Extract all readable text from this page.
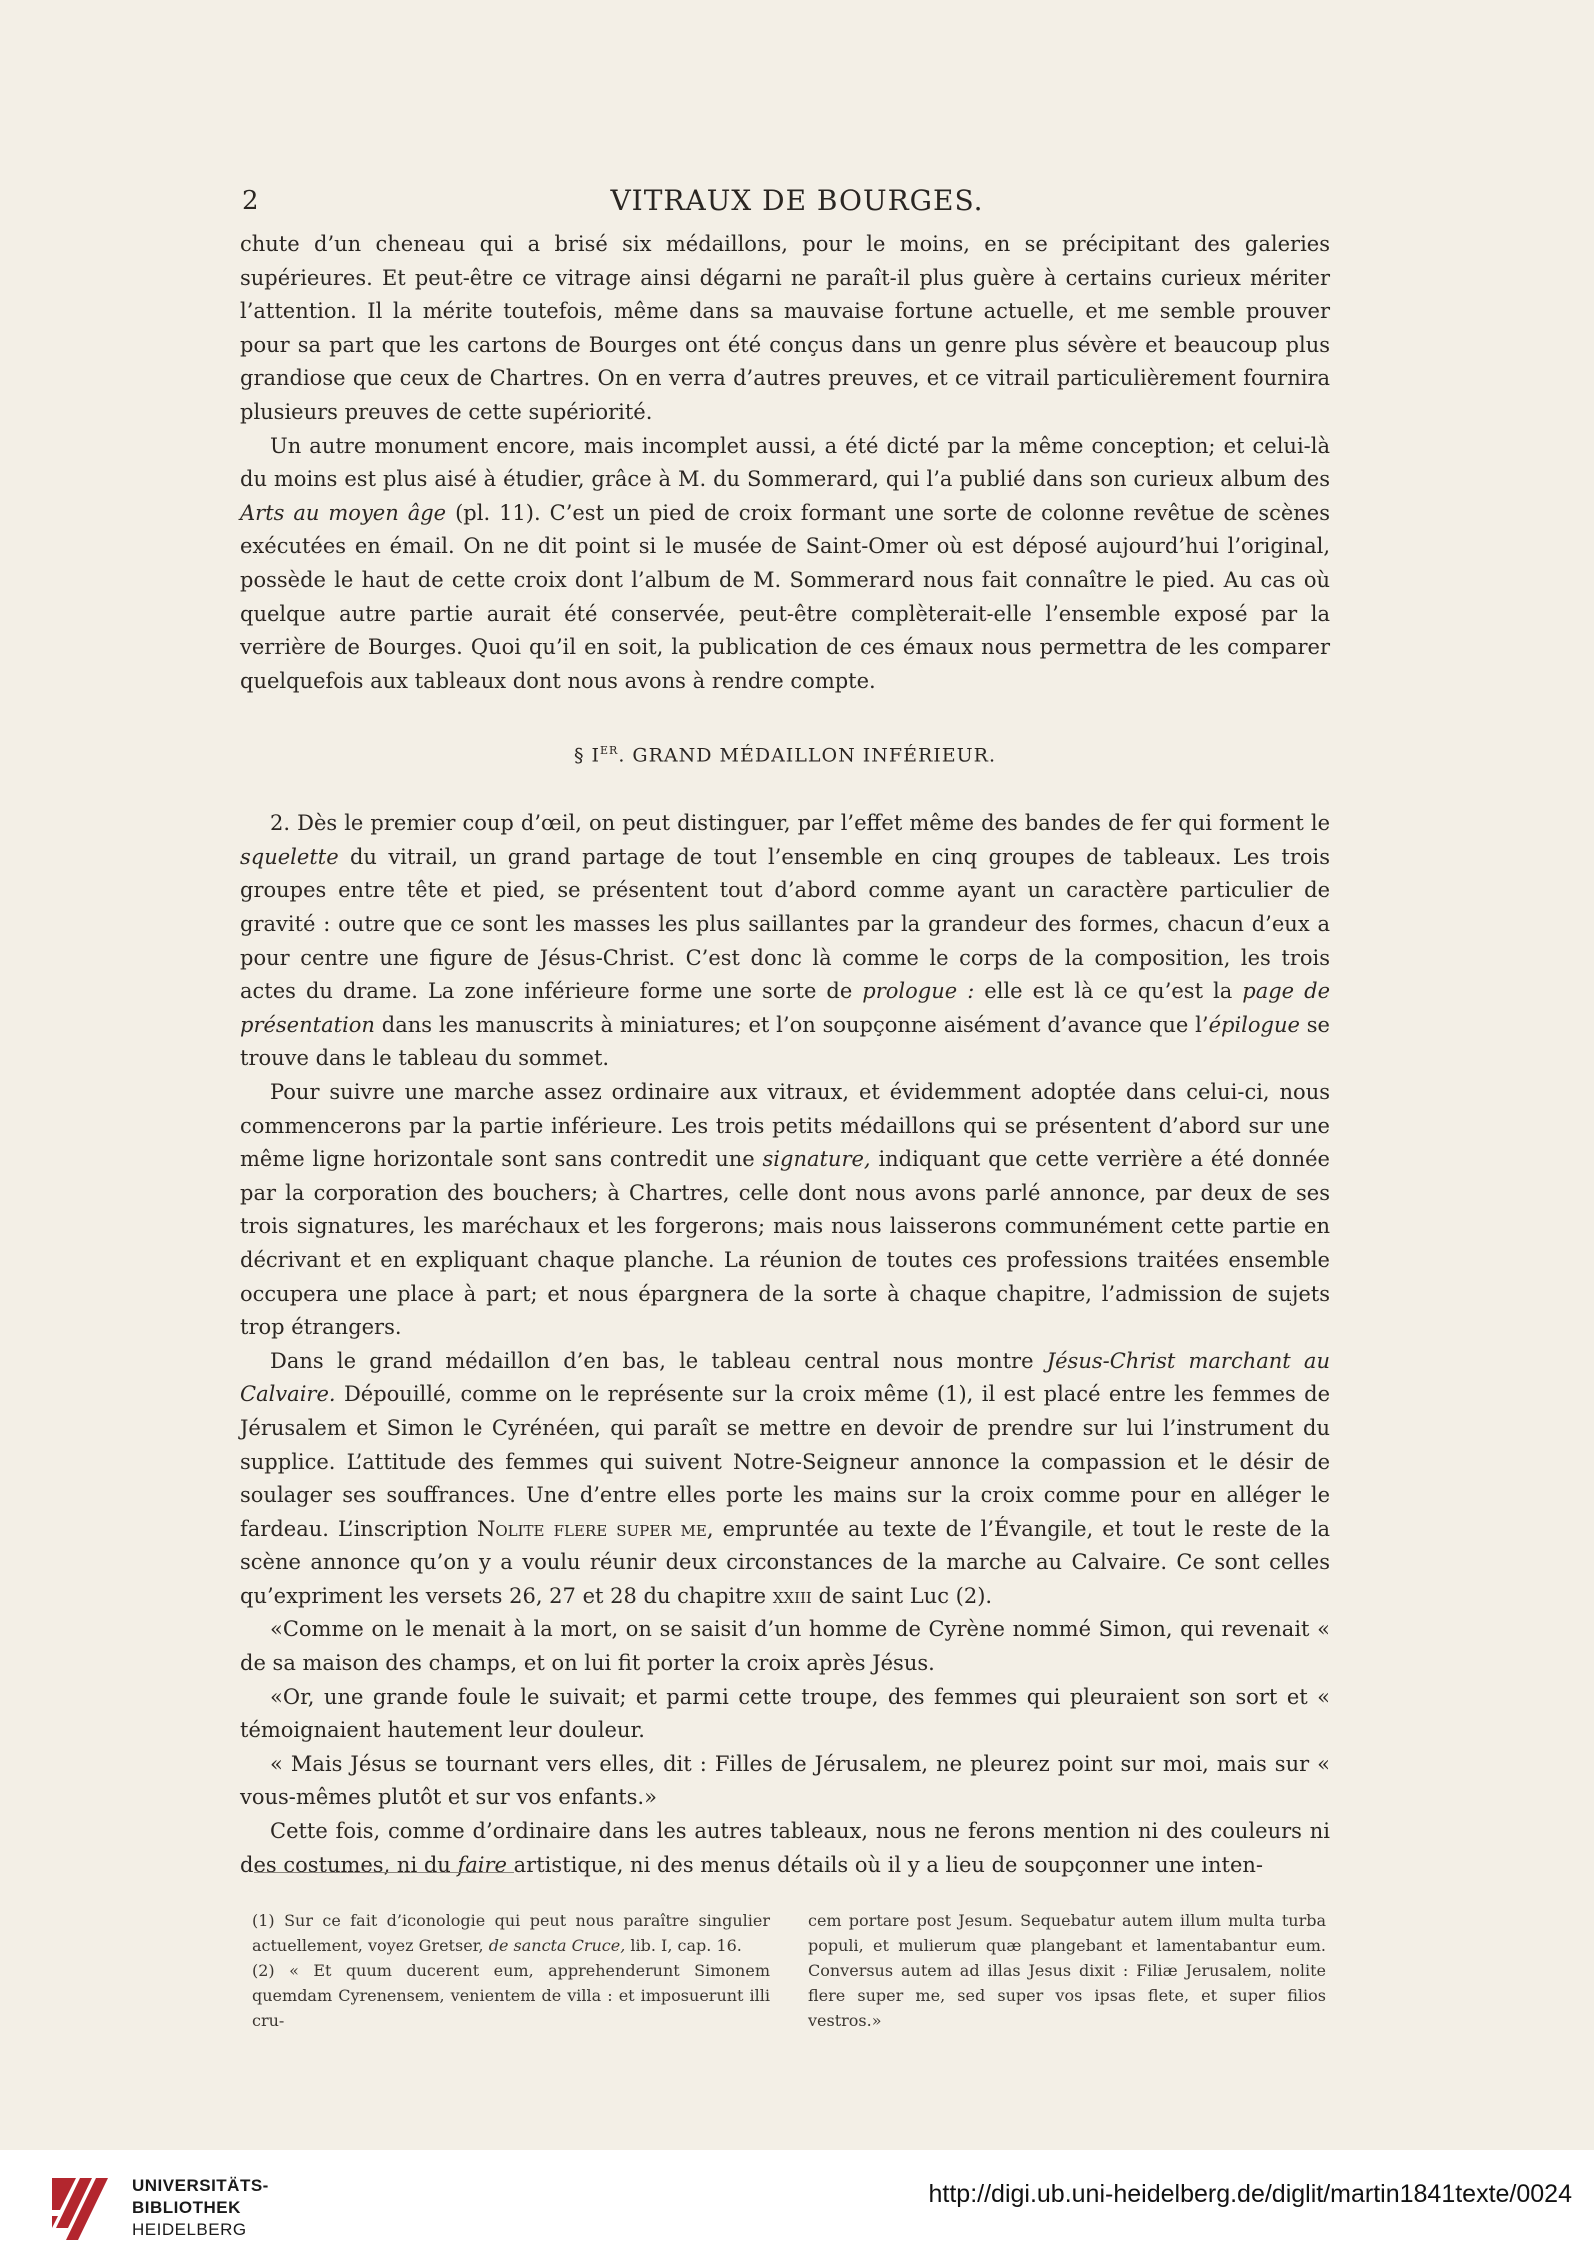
2	VITRAUX DE BOURGES.

chute d’un cheneau qui a brisé six médaillons, pour le moins, en se précipitant des galeries supérieures. Et peut-être ce vitrage ainsi dégarni ne paraît-il plus guère à certains curieux mériter l’attention. Il la mérite toutefois, même dans sa mauvaise fortune actuelle, et me semble prouver pour sa part que les cartons de Bourges ont été conçus dans un genre plus sévère et beaucoup plus grandiose que ceux de Chartres. On en verra d’autres preuves, et ce vitrail particulièrement fournira plusieurs preuves de cette supériorité.

Un autre monument encore, mais incomplet aussi, a été dicté par la même conception; et celui-là du moins est plus aisé à étudier, grâce à M. du Sommerard, qui l’a publié dans son curieux album des Arts au moyen âge (pl. 11). C’est un pied de croix formant une sorte de colonne revêtue de scènes exécutées en émail. On ne dit point si le musée de Saint-Omer où est déposé aujourd’hui l’original, possède le haut de cette croix dont l’album de M. Sommerard nous fait connaître le pied. Au cas où quelque autre partie aurait été conservée, peut-être complèterait-elle l’ensemble exposé par la verrière de Bourges. Quoi qu’il en soit, la publication de ces émaux nous permettra de les comparer quelquefois aux tableaux dont nous avons à rendre compte.

§ IER. GRAND MÉDAILLON INFÉRIEUR.

2. Dès le premier coup d’œil, on peut distinguer, par l’effet même des bandes de fer qui forment le squelette du vitrail, un grand partage de tout l’ensemble en cinq groupes de tableaux. Les trois groupes entre tête et pied, se présentent tout d’abord comme ayant un caractère particulier de gravité : outre que ce sont les masses les plus saillantes par la grandeur des formes, chacun d’eux a pour centre une figure de Jésus-Christ. C’est donc là comme le corps de la composition, les trois actes du drame. La zone inférieure forme une sorte de prologue : elle est là ce qu’est la page de présentation dans les manuscrits à miniatures; et l’on soupçonne aisément d’avance que l’épilogue se trouve dans le tableau du sommet.

Pour suivre une marche assez ordinaire aux vitraux, et évidemment adoptée dans celui-ci, nous commencerons par la partie inférieure. Les trois petits médaillons qui se présentent d’abord sur une même ligne horizontale sont sans contredit une signature, indiquant que cette verrière a été donnée par la corporation des bouchers; à Chartres, celle dont nous avons parlé annonce, par deux de ses trois signatures, les maréchaux et les forgerons; mais nous laisserons communément cette partie en décrivant et en expliquant chaque planche. La réunion de toutes ces professions traitées ensemble occupera une place à part; et nous épargnera de la sorte à chaque chapitre, l’admission de sujets trop étrangers.

Dans le grand médaillon d’en bas, le tableau central nous montre Jésus-Christ marchant au Calvaire. Dépouillé, comme on le représente sur la croix même (1), il est placé entre les femmes de Jérusalem et Simon le Cyrénéen, qui paraît se mettre en devoir de prendre sur lui l’instrument du supplice. L’attitude des femmes qui suivent Notre-Seigneur annonce la compassion et le désir de soulager ses souffrances. Une d’entre elles porte les mains sur la croix comme pour en alléger le fardeau. L’inscription Nolite flere super me, empruntée au texte de l’Évangile, et tout le reste de la scène annonce qu’on y a voulu réunir deux circonstances de la marche au Calvaire. Ce sont celles qu’expriment les versets 26, 27 et 28 du chapitre xxiii de saint Luc (2).

«Comme on le menait à la mort, on se saisit d’un homme de Cyrène nommé Simon, qui revenait « de sa maison des champs, et on lui fit porter la croix après Jésus.

«Or, une grande foule le suivait; et parmi cette troupe, des femmes qui pleuraient son sort et « témoignaient hautement leur douleur.

« Mais Jésus se tournant vers elles, dit : Filles de Jérusalem, ne pleurez point sur moi, mais sur « vous-mêmes plutôt et sur vos enfants.»

Cette fois, comme d’ordinaire dans les autres tableaux, nous ne ferons mention ni des couleurs ni des costumes, ni du faire artistique, ni des menus détails où il y a lieu de soupçonner une inten-

(1) Sur ce fait d’iconologie qui peut nous paraître singulier actuellement, voyez Gretser, de sancta Cruce, lib. I, cap. 16.

(2) « Et quum ducerent eum, apprehenderunt Simonem quemdam Cyrenensem, venientem de villa : et imposuerunt illi cru-

cem portare post Jesum. Sequebatur autem illum multa turba populi, et mulierum quæ plangebant et lamentabantur eum. Conversus autem ad illas Jesus dixit : Filiæ Jerusalem, nolite flere super me, sed super vos ipsas flete, et super filios vestros.»

UNIVERSITÄTS-
BIBLIOTHEK
HEIDELBERG
http://digi.ub.uni-heidelberg.de/diglit/martin1841texte/0024
